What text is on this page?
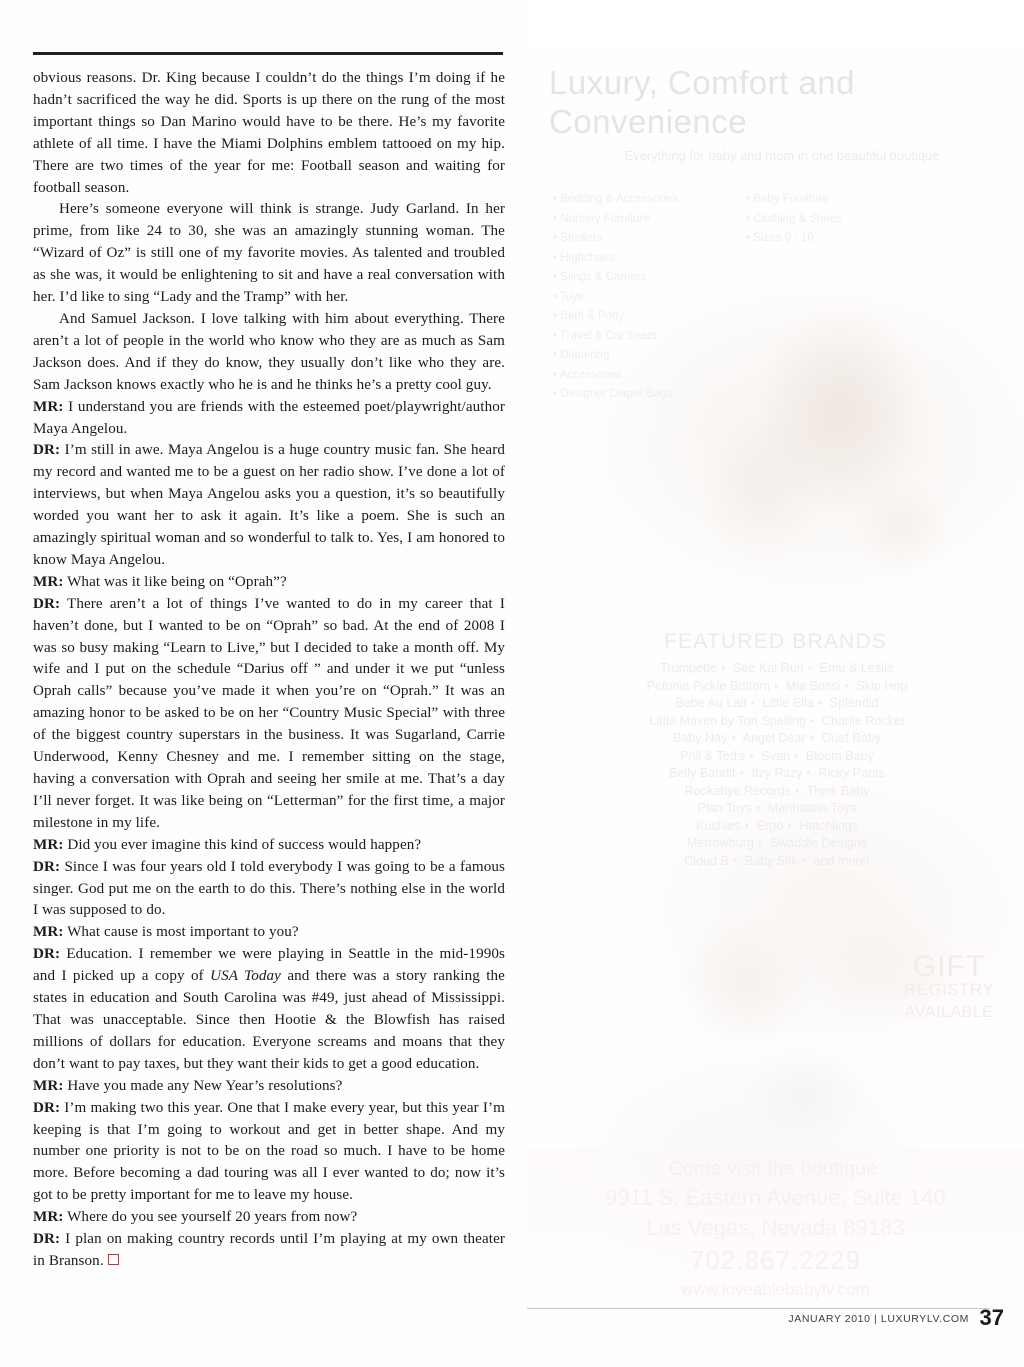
obvious reasons. Dr. King because I couldn’t do the things I’m doing if he hadn’t sacrificed the way he did. Sports is up there on the rung of the most important things so Dan Marino would have to be there. He’s my favorite athlete of all time. I have the Miami Dolphins emblem tattooed on my hip. There are two times of the year for me: Football season and waiting for football season.

Here’s someone everyone will think is strange. Judy Garland. In her prime, from like 24 to 30, she was an amazingly stunning woman. The “Wizard of Oz” is still one of my favorite movies. As talented and troubled as she was, it would be enlightening to sit and have a real conversation with her. I’d like to sing “Lady and the Tramp” with her.

And Samuel Jackson. I love talking with him about everything. There aren’t a lot of people in the world who know who they are as much as Sam Jackson does. And if they do know, they usually don’t like who they are. Sam Jackson knows exactly who he is and he thinks he’s a pretty cool guy.

MR: I understand you are friends with the esteemed poet/playwright/author Maya Angelou.

DR: I’m still in awe. Maya Angelou is a huge country music fan. She heard my record and wanted me to be a guest on her radio show. I’ve done a lot of interviews, but when Maya Angelou asks you a question, it’s so beautifully worded you want her to ask it again. It’s like a poem. She is such an amazingly spiritual woman and so wonderful to talk to. Yes, I am honored to know Maya Angelou.

MR: What was it like being on “Oprah”?

DR: There aren’t a lot of things I’ve wanted to do in my career that I haven’t done, but I wanted to be on “Oprah” so bad. At the end of 2008 I was so busy making “Learn to Live,” but I decided to take a month off. My wife and I put on the schedule “Darius off ” and under it we put “unless Oprah calls” because you’ve made it when you’re on “Oprah.” It was an amazing honor to be asked to be on her “Country Music Special” with three of the biggest country superstars in the business. It was Sugarland, Carrie Underwood, Kenny Chesney and me. I remember sitting on the stage, having a conversation with Oprah and seeing her smile at me. That’s a day I’ll never forget. It was like being on “Letterman” for the first time, a major milestone in my life.

MR: Did you ever imagine this kind of success would happen?

DR: Since I was four years old I told everybody I was going to be a famous singer. God put me on the earth to do this. There’s nothing else in the world I was supposed to do.

MR: What cause is most important to you?

DR: Education. I remember we were playing in Seattle in the mid-1990s and I picked up a copy of USA Today and there was a story ranking the states in education and South Carolina was #49, just ahead of Mississippi. That was unacceptable. Since then Hootie & the Blowfish has raised millions of dollars for education. Everyone screams and moans that they don’t want to pay taxes, but they want their kids to get a good education.

MR: Have you made any New Year’s resolutions?

DR: I’m making two this year. One that I make every year, but this year I’m keeping is that I’m going to workout and get in better shape. And my number one priority is not to be on the road so much. I have to be home more. Before becoming a dad touring was all I ever wanted to do; now it’s got to be pretty important for me to leave my house.

MR: Where do you see yourself 20 years from now?

DR: I plan on making country records until I’m playing at my own theater in Branson.

Luxury, Comfort and Convenience
Everything for baby and mom in one beautiful boutique
• Bedding & Accessories
• Nursery Furniture
• Strollers
• Highchairs
• Slings & Carriers
• Toys
• Bath & Potty
• Travel & Car Seats
• Diapering
• Accessories
• Designer Diaper Bags
• Baby Furniture
• Clothing & Shoes
• Sizes 0 - 10
FEATURED BRANDS
Trumpette • See Kai Run • Emu & Leslie
Petunia Pickle Bottom • Mia Bossi • Skip Hop
Bebe Au Lait • Little Ella • Splendid
Little Maven by Tori Spelling • Charlie Rocket
Baby Nay • Angel Dear • Ouef Baby
Phil & Ted's • Svan • Bloom Baby
Belly Bandit • Itzy Ritzy • Ricky Pants
Rockabye Records • Think Baby
Plan Toys • Manhattan Toys
Kushies • Ergo • Hatchlings
Merrowburg • Swaddle Designs
Cloud B • Baby Silk • and more!
GIFT
REGISTRY
AVAILABLE
Come visit the boutique:
9911 S. Eastern Avenue, Suite 140
Las Vegas, Nevada 89183
702.867.2229
www.loveablebabylv.com
JANUARY 2010 | LUXURYLV.COM 37
